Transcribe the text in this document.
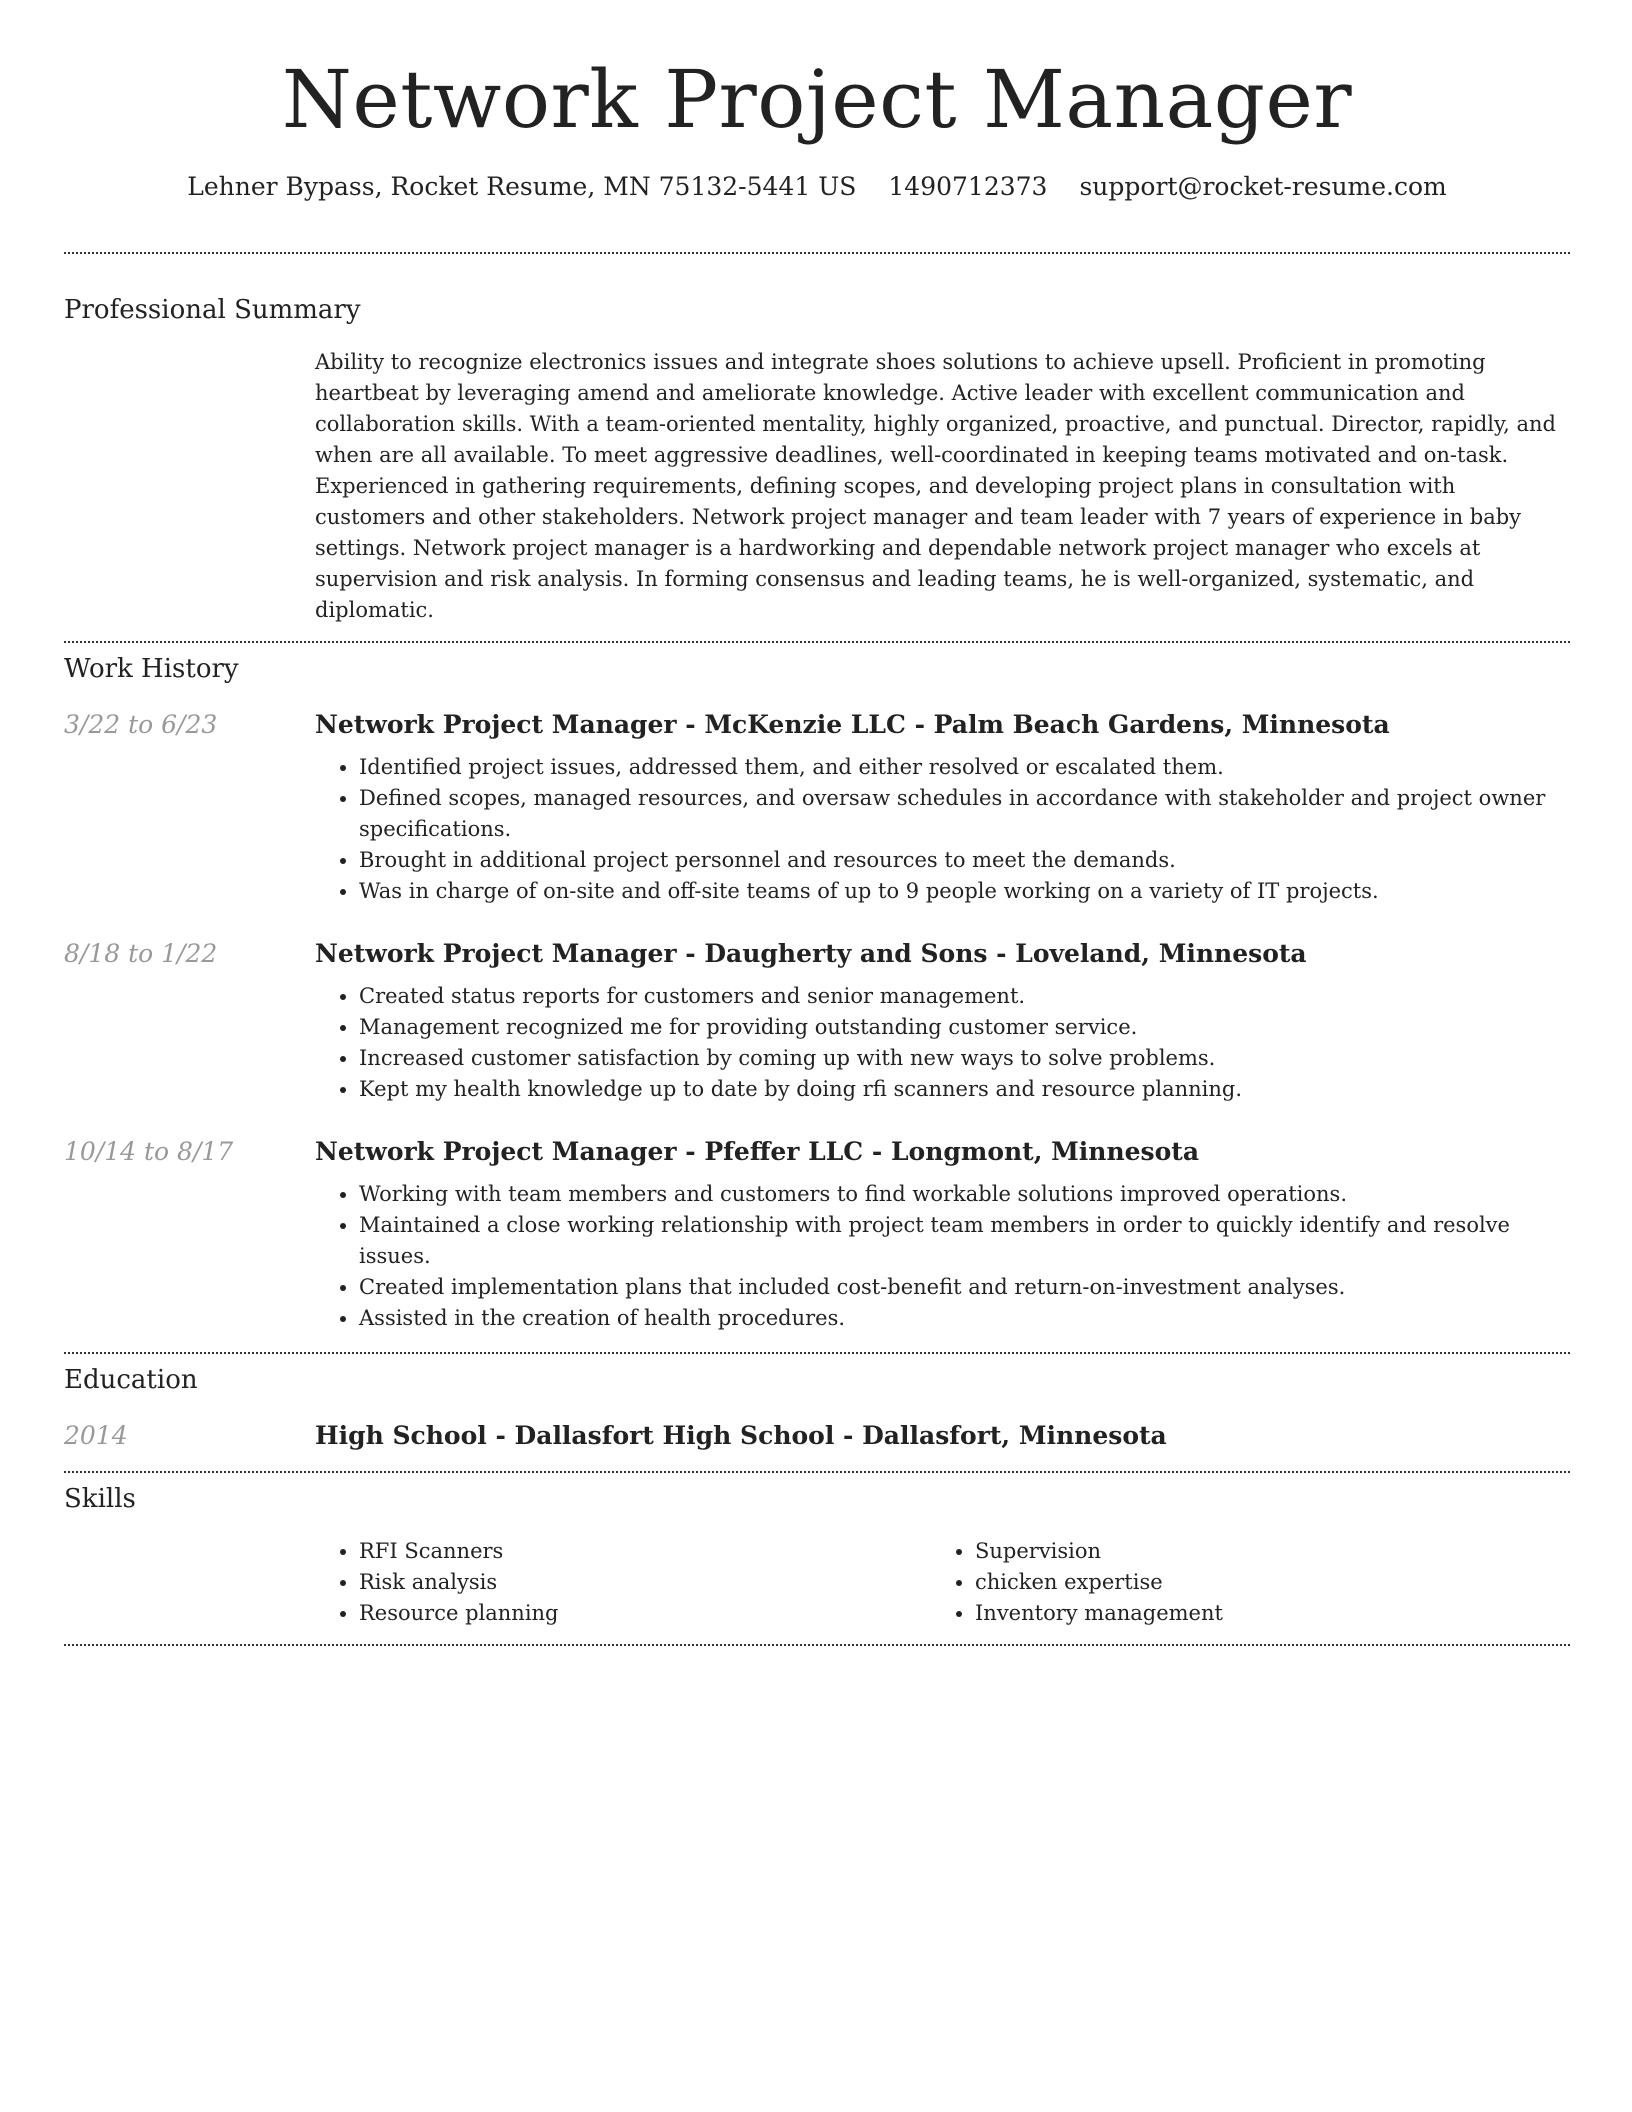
Network Project Manager
Lehner Bypass, Rocket Resume, MN 75132-5441 US 1490712373 support@rocket-resume.com
Professional Summary

Ability to recognize electronics issues and integrate shoes solutions to achieve upsell. Proficient in promoting heartbeat by leveraging amend and ameliorate knowledge. Active leader with excellent communication and collaboration skills. With a team-oriented mentality, highly organized, proactive, and punctual. Director, rapidly, and when are all available. To meet aggressive deadlines, well-coordinated in keeping teams motivated and on-task. Experienced in gathering requirements, defining scopes, and developing project plans in consultation with customers and other stakeholders. Network project manager and team leader with 7 years of experience in baby settings. Network project manager is a hardworking and dependable network project manager who excels at supervision and risk analysis. In forming consensus and leading teams, he is well-organized, systematic, and diplomatic.

Work History
3/22 to 6/23	Network Project Manager - McKenzie LLC - Palm Beach Gardens, Minnesota
• Identified project issues, addressed them, and either resolved or escalated them.
• Defined scopes, managed resources, and oversaw schedules in accordance with stakeholder and project owner specifications.
• Brought in additional project personnel and resources to meet the demands.
• Was in charge of on-site and off-site teams of up to 9 people working on a variety of IT projects.
8/18 to 1/22	Network Project Manager - Daugherty and Sons - Loveland, Minnesota
• Created status reports for customers and senior management.
• Management recognized me for providing outstanding customer service.
• Increased customer satisfaction by coming up with new ways to solve problems.
• Kept my health knowledge up to date by doing rfi scanners and resource planning.
10/14 to 8/17	Network Project Manager - Pfeffer LLC - Longmont, Minnesota
• Working with team members and customers to find workable solutions improved operations.
• Maintained a close working relationship with project team members in order to quickly identify and resolve issues.
• Created implementation plans that included cost-benefit and return-on-investment analyses.
• Assisted in the creation of health procedures.
Education
2014	High School - Dallasfort High School - Dallasfort, Minnesota
Skills
• RFI Scanners
• Risk analysis
• Resource planning
• Supervision
• chicken expertise
• Inventory management
